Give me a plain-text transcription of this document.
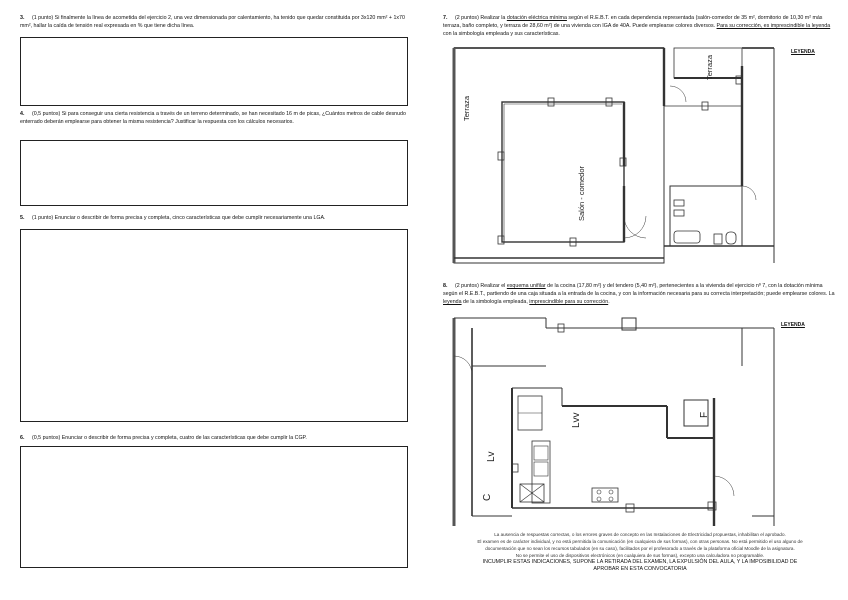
3. (1 punto) Si finalmente la línea de acometida del ejercicio 2, una vez dimensionada por calentamiento, ha tenido que quedar constituida por 3x120 mm² + 1x70 mm², hallar la caída de tensión real expresada en % que tiene dicha línea.

4. (0,5 puntos) Si para conseguir una cierta resistencia a través de un terreno determinado, se han necesitado 16 m de picas, ¿Cuántos metros de cable desnudo enterrado deberán emplearse para obtener la misma resistencia? Justificar la respuesta con los cálculos necesarios.

5. (1 punto) Enunciar o describir de forma precisa y completa, cinco características que debe cumplir necesariamente una LGA.

6. (0,5 puntos) Enunciar o describir de forma precisa y completa, cuatro de las características que debe cumplir la CGP.

7. (2 puntos) Realizar la dotación eléctrica mínima según el R.E.B.T. en cada dependencia representada (salón-comedor de 35 m², dormitorio de 10,30 m² más terraza, baño completo, y terraza de 28,60 m²) de una vivienda con IGA de 40A. Puede emplearse colores diversos. Para su corrección, es imprescindible la leyenda con la simbología empleada y sus características.

LEYENDA
Terraza
Terraza
Salón - comedor

8. (2 puntos) Realizar el esquema unifilar de la cocina (17,80 m²) y del tendero (5,40 m²), pertenecientes a la vivienda del ejercicio nº 7, con la dotación mínima según el R.E.B.T., partiendo de una caja situada a la entrada de la cocina, y con la información necesaria para su correcta interpretación; puede emplearse colores. La leyenda de la simbología empleada, imprescindible para su corrección.

LEYENDA
Lvv
Lv
F
C
La ausencia de respuestas correctas, o los errores graves de concepto en las Instalaciones de Electricidad propuestas, inhabilitan el aprobado.
El examen es de carácter individual, y no está permitida la comunicación (en cualquiera de sus formas), con otras personas. No está permitido el uso alguno de
documentación que no sean los recursos tabulados (en su caso), facilitados por el profesorado a través de la plataforma oficial Moodle de la asignatura.
No se permite el uso de dispositivos electrónicos (en cualquiera de sus formas), excepto una calculadora no programable.
INCUMPLIR ESTAS INDICACIONES, SUPONE LA RETIRADA DEL EXAMEN, LA EXPULSIÓN DEL AULA, Y LA IMPOSIBILIDAD DE
APROBAR EN ESTA CONVOCATORIA
